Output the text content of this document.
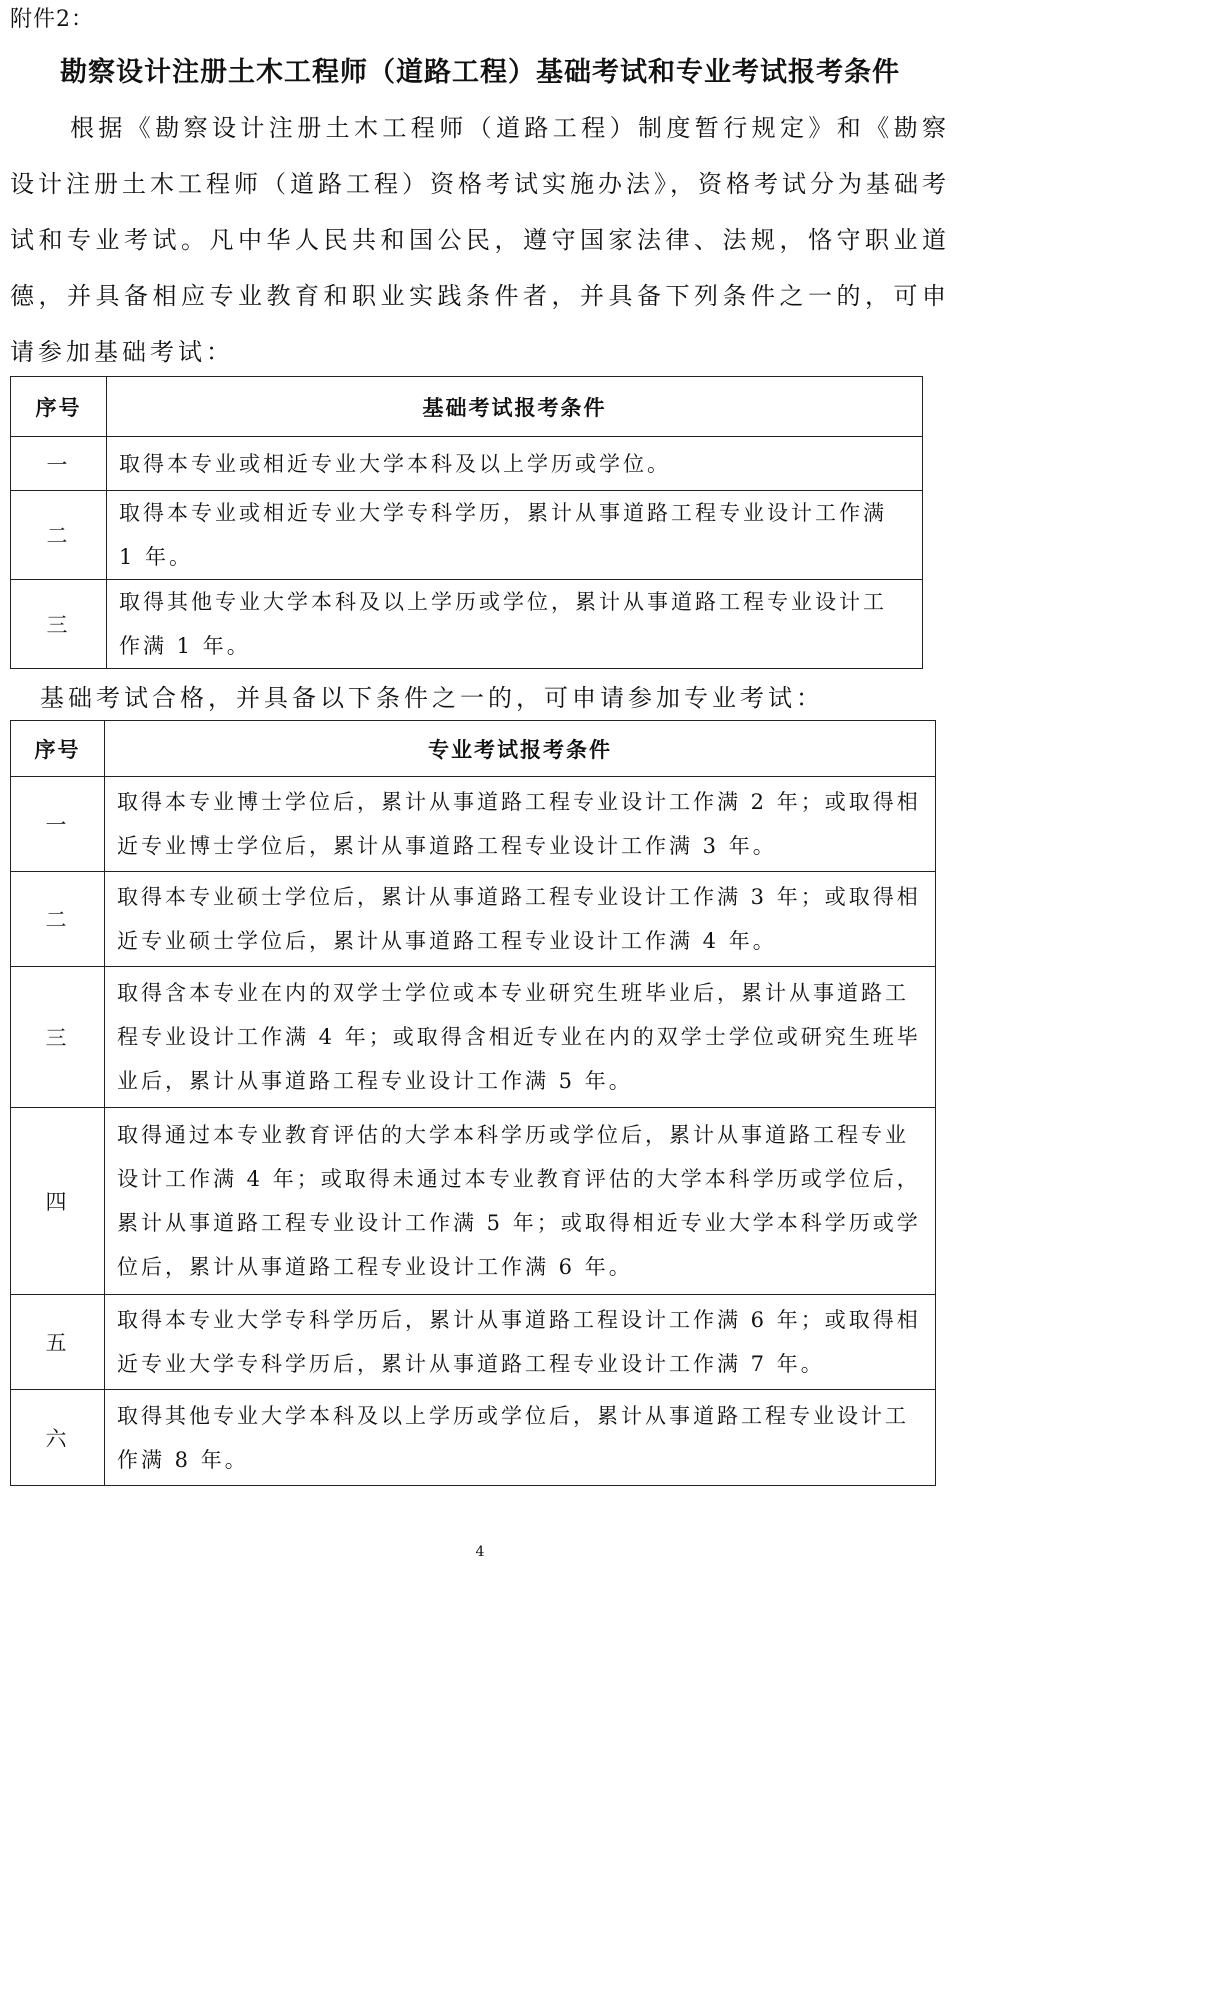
附件2：
勘察设计注册土木工程师（道路工程）基础考试和专业考试报考条件
根据《勘察设计注册土木工程师（道路工程）制度暂行规定》和《勘察设计注册土木工程师（道路工程）资格考试实施办法》，资格考试分为基础考试和专业考试。凡中华人民共和国公民，遵守国家法律、法规，恪守职业道德，并具备相应专业教育和职业实践条件者，并具备下列条件之一的，可申请参加基础考试：
序号	基础考试报考条件
一	取得本专业或相近专业大学本科及以上学历或学位。
二	取得本专业或相近专业大学专科学历，累计从事道路工程专业设计工作满 1 年。
三	取得其他专业大学本科及以上学历或学位，累计从事道路工程专业设计工作满 1 年。
基础考试合格，并具备以下条件之一的，可申请参加专业考试：
序号	专业考试报考条件
一	取得本专业博士学位后，累计从事道路工程专业设计工作满 2 年；或取得相近专业博士学位后，累计从事道路工程专业设计工作满 3 年。
二	取得本专业硕士学位后，累计从事道路工程专业设计工作满 3 年；或取得相近专业硕士学位后，累计从事道路工程专业设计工作满 4 年。
三	取得含本专业在内的双学士学位或本专业研究生班毕业后，累计从事道路工程专业设计工作满 4 年；或取得含相近专业在内的双学士学位或研究生班毕业后，累计从事道路工程专业设计工作满 5 年。
四	取得通过本专业教育评估的大学本科学历或学位后，累计从事道路工程专业设计工作满 4 年；或取得未通过本专业教育评估的大学本科学历或学位后，累计从事道路工程专业设计工作满 5 年；或取得相近专业大学本科学历或学位后，累计从事道路工程专业设计工作满 6 年。
五	取得本专业大学专科学历后，累计从事道路工程设计工作满 6 年；或取得相近专业大学专科学历后，累计从事道路工程专业设计工作满 7 年。
六	取得其他专业大学本科及以上学历或学位后，累计从事道路工程专业设计工作满 8 年。
4
